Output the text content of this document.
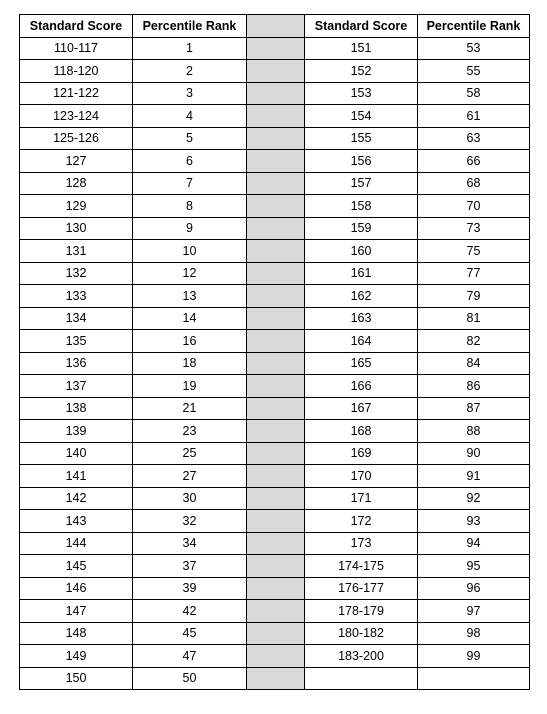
Standard Score	Percentile Rank		Standard Score	Percentile Rank
110-117	1		151	53
118-120	2		152	55
121-122	3		153	58
123-124	4		154	61
125-126	5		155	63
127	6		156	66
128	7		157	68
129	8		158	70
130	9		159	73
131	10		160	75
132	12		161	77
133	13		162	79
134	14		163	81
135	16		164	82
136	18		165	84
137	19		166	86
138	21		167	87
139	23		168	88
140	25		169	90
141	27		170	91
142	30		171	92
143	32		172	93
144	34		173	94
145	37		174-175	95
146	39		176-177	96
147	42		178-179	97
148	45		180-182	98
149	47		183-200	99
150	50			
